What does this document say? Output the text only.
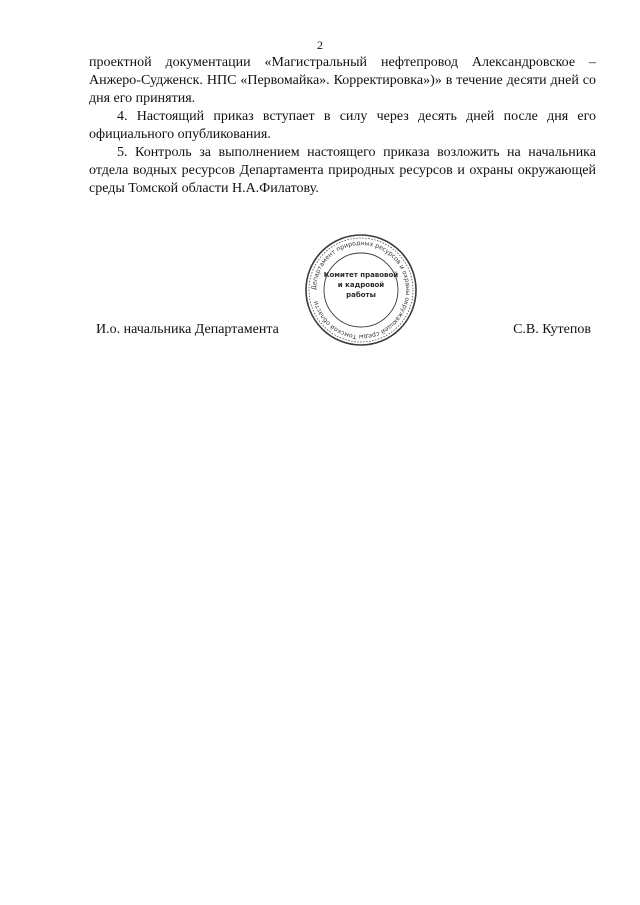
2

проектной документации «Магистральный нефтепровод Александровское – Анжеро-Судженск. НПС «Первомайка». Корректировка»)» в течение десяти дней со дня его принятия.

4. Настоящий приказ вступает в силу через десять дней после дня его официального опубликования.

5. Контроль за выполнением настоящего приказа возложить на начальника отдела водных ресурсов Департамента природных ресурсов и охраны окружающей среды Томской области Н.А.Филатову.

Департамент природных ресурсов и охраны окружающей среды Томской области
Комитет правовой
и кадровой
работы
И.о. начальника Департамента	С.В. Кутепов
